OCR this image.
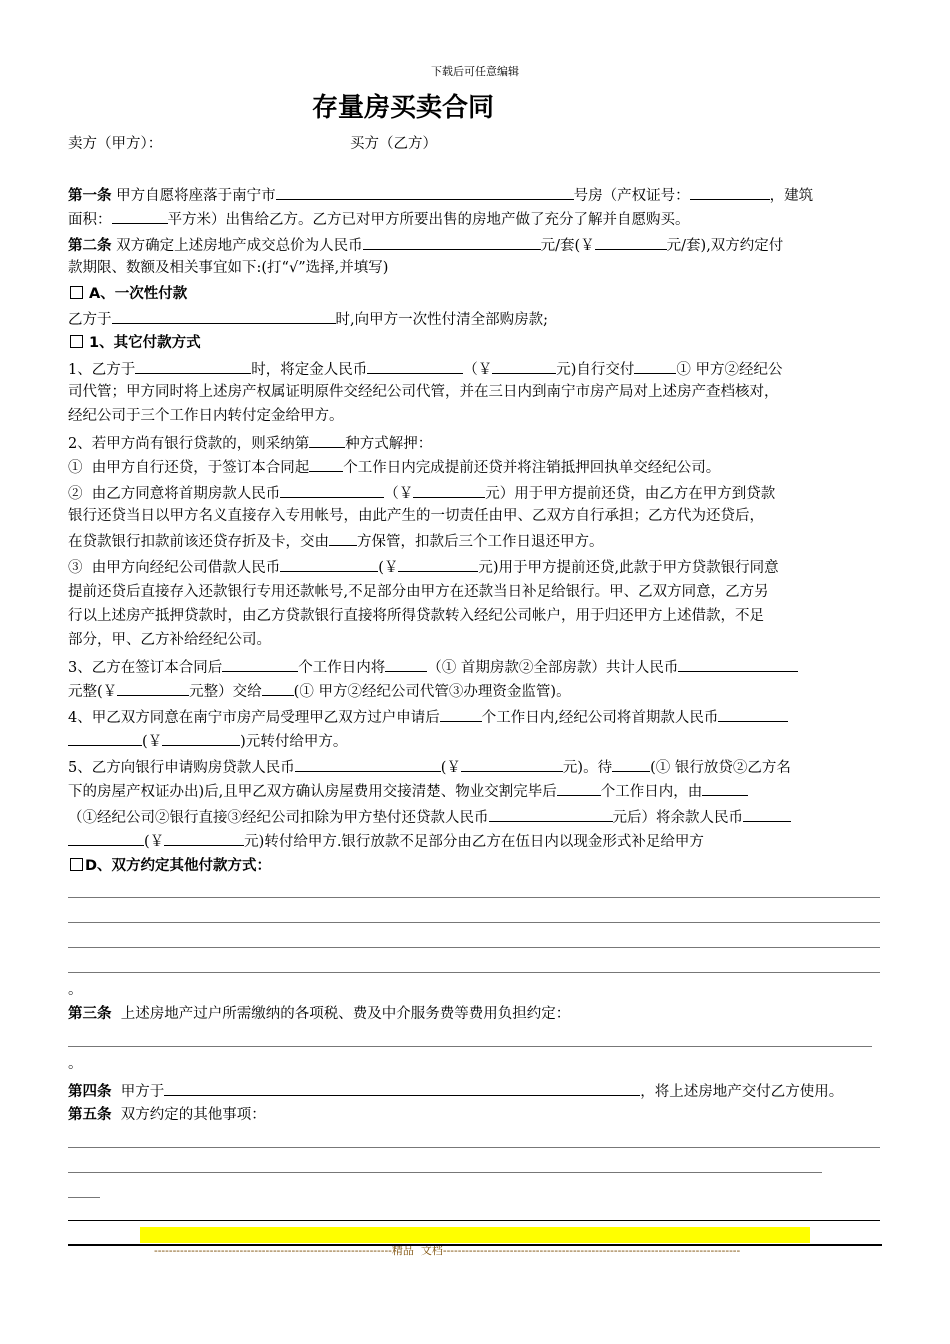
下载后可任意编辑
存量房买卖合同
卖方（甲方）：	买方（乙方）
第一条 甲方自愿将座落于南宁市	号房（产权证号：	，建筑
面积：	平方米）出售给乙方。乙方已对甲方所要出售的房地产做了充分了解并自愿购买。
第二条 双方确定上述房地产成交总价为人民币	元/套(￥	元/套),双方约定付
款期限、数额及相关事宜如下:(打“√”选择,并填写)
A、一次性付款
乙方于	时,向甲方一次性付清全部购房款;
1、其它付款方式
1、乙方于	时，将定金人民币	（￥	元)自行交付	① 甲方②经纪公
司代管；甲方同时将上述房产权属证明原件交经纪公司代管，并在三日内到南宁市房产局对上述房产查档核对，
经纪公司于三个工作日内转付定金给甲方。
2、若甲方尚有银行贷款的，则采纳第 种方式解押：
①  由甲方自行还贷，于签订本合同起 个工作日内完成提前还贷并将注销抵押回执单交经纪公司。
②  由乙方同意将首期房款人民币	（￥	元）用于甲方提前还贷，由乙方在甲方到贷款
银行还贷当日以甲方名义直接存入专用帐号，由此产生的一切责任由甲、乙双方自行承担；乙方代为还贷后，
在贷款银行扣款前该还贷存折及卡，交由 方保管，扣款后三个工作日退还甲方。
③  由甲方向经纪公司借款人民币	(￥	元)用于甲方提前还贷,此款于甲方贷款银行同意
提前还贷后直接存入还款银行专用还款帐号,不足部分由甲方在还款当日补足给银行。甲、乙双方同意，乙方另
行以上述房产抵押贷款时，由乙方贷款银行直接将所得贷款转入经纪公司帐户，用于归还甲方上述借款，不足
部分，甲、乙方补给经纪公司。
3、乙方在签订本合同后	个工作日内将	（① 首期房款②全部房款）共计人民币
元整(￥	元整）交给 (① 甲方②经纪公司代管③办理资金监管)。
4、甲乙双方同意在南宁市房产局受理甲乙双方过户申请后	个工作日内,经纪公司将首期款人民币
(￥	)元转付给甲方。
5、乙方向银行申请购房贷款人民币	(￥	元)。待	(① 银行放贷②乙方名
下的房屋产权证办出)后,且甲乙双方确认房屋费用交接清楚、物业交割完毕后	个工作日内，由
（①经纪公司②银行直接③经纪公司扣除为甲方垫付还贷款人民币	元后）将余款人民币
(￥	元)转付给甲方.银行放款不足部分由乙方在伍日内以现金形式补足给甲方
D、双方约定其他付款方式：
。
第三条 上述房地产过户所需缴纳的各项税、费及中介服务费等费用负担约定：
。
第四条 甲方于	，将上述房地产交付乙方使用。
第五条 双方约定的其他事项：

----------------------------------------------------------------精品  文档--------------------------------------------------------------------------------
